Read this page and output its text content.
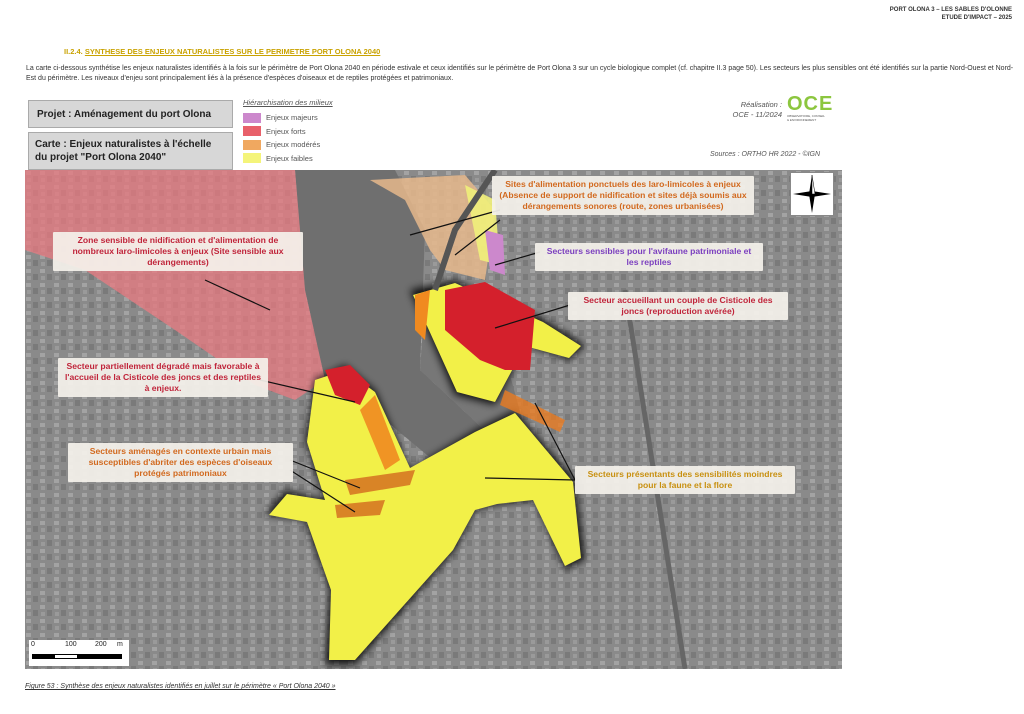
PORT OLONA 3 – LES SABLES D'OLONNE
ETUDE D'IMPACT – 2025
II.2.4. SYNTHESE DES ENJEUX NATURALISTES SUR LE PERIMETRE PORT OLONA 2040
La carte ci-dessous synthétise les enjeux naturalistes identifiés à la fois sur le périmètre de Port Olona 2040 en période estivale et ceux identifiés sur le périmètre de Port Olona 3 sur un cycle biologique complet (cf. chapitre II.3 page 50). Les secteurs les plus sensibles ont été identifiés sur la partie Nord-Ouest et Nord-Est du périmètre. Les niveaux d'enjeu sont principalement liés à la présence d'espèces d'oiseaux et de reptiles protégées et patrimoniaux.
Projet : Aménagement du port Olona
Carte : Enjeux naturalistes à l'échelle du projet "Port Olona 2040"
Hiérarchisation des milieux
Enjeux majeurs
Enjeux forts
Enjeux modérés
Enjeux faibles
Réalisation :
OCE - 11/2024 OCE
OBSERVATOIRE, CONSEIL
& ENVIRONNEMENT
Sources : ORTHO HR 2022 - ©IGN
Zone sensible de nidification et d'alimentation de nombreux laro-limicoles à enjeux (Site sensible aux dérangements)
Sites d'alimentation ponctuels des laro-limicoles à enjeux (Absence de support de nidification et sites déjà soumis aux dérangements sonores (route, zones urbanisées)
Secteurs sensibles pour l'avifaune patrimoniale et les reptiles
Secteur accueillant un couple de Cisticole des joncs (reproduction avérée)
Secteur partiellement dégradé mais favorable à l'accueil de la Cisticole des joncs et des reptiles à enjeux.
Secteurs aménagés en contexte urbain mais susceptibles d'abriter des espèces d'oiseaux protégés patrimoniaux	Secteurs présentants des sensibilités moindres pour la faune et la flore
0	100	200 m
Figure 53 : Synthèse des enjeux naturalistes identifiés en juillet sur le périmètre « Port Olona 2040 »
